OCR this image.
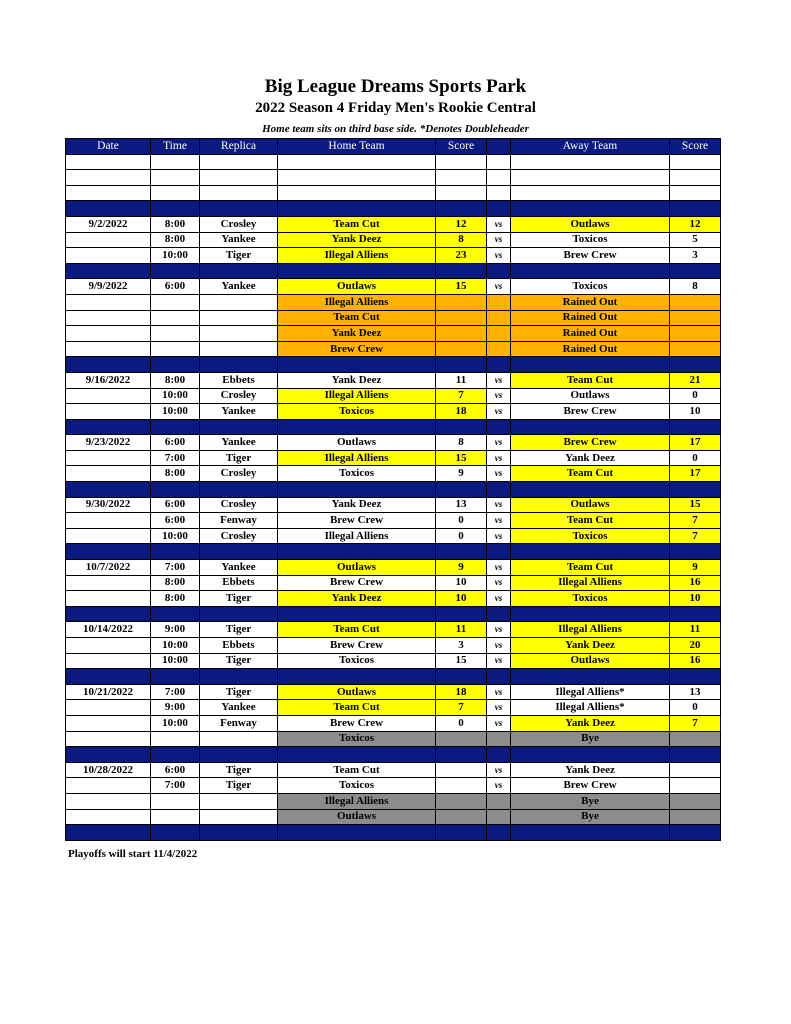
Big League Dreams Sports Park
2022 Season 4 Friday Men's Rookie Central
Home team sits on third base side. *Denotes Doubleheader
Date	Time	Replica	Home Team	Score		Away Team	Score

9/2/2022	8:00	Crosley	Team Cut	12	vs	Outlaws	12
	8:00	Yankee	Yank Deez	8	vs	Toxicos	5
	10:00	Tiger	Illegal Alliens	23	vs	Brew Crew	3

9/9/2022	6:00	Yankee	Outlaws	15	vs	Toxicos	8
			Illegal Alliens			Rained Out	
			Team Cut			Rained Out	
			Yank Deez			Rained Out	
			Brew Crew			Rained Out	

9/16/2022	8:00	Ebbets	Yank Deez	11	vs	Team Cut	21
	10:00	Crosley	Illegal Alliens	7	vs	Outlaws	0
	10:00	Yankee	Toxicos	18	vs	Brew Crew	10

9/23/2022	6:00	Yankee	Outlaws	8	vs	Brew Crew	17
	7:00	Tiger	Illegal Alliens	15	vs	Yank Deez	0
	8:00	Crosley	Toxicos	9	vs	Team Cut	17

9/30/2022	6:00	Crosley	Yank Deez	13	vs	Outlaws	15
	6:00	Fenway	Brew Crew	0	vs	Team Cut	7
	10:00	Crosley	Illegal Alliens	0	vs	Toxicos	7

10/7/2022	7:00	Yankee	Outlaws	9	vs	Team Cut	9
	8:00	Ebbets	Brew Crew	10	vs	Illegal Alliens	16
	8:00	Tiger	Yank Deez	10	vs	Toxicos	10

10/14/2022	9:00	Tiger	Team Cut	11	vs	Illegal Alliens	11
	10:00	Ebbets	Brew Crew	3	vs	Yank Deez	20
	10:00	Tiger	Toxicos	15	vs	Outlaws	16

10/21/2022	7:00	Tiger	Outlaws	18	vs	Illegal Alliens*	13
	9:00	Yankee	Team Cut	7	vs	Illegal Alliens*	0
	10:00	Fenway	Brew Crew	0	vs	Yank Deez	7
			Toxicos			Bye	

10/28/2022	6:00	Tiger	Team Cut		vs	Yank Deez	
	7:00	Tiger	Toxicos		vs	Brew Crew	
			Illegal Alliens			Bye	
			Outlaws			Bye	

Playoffs will start 11/4/2022
